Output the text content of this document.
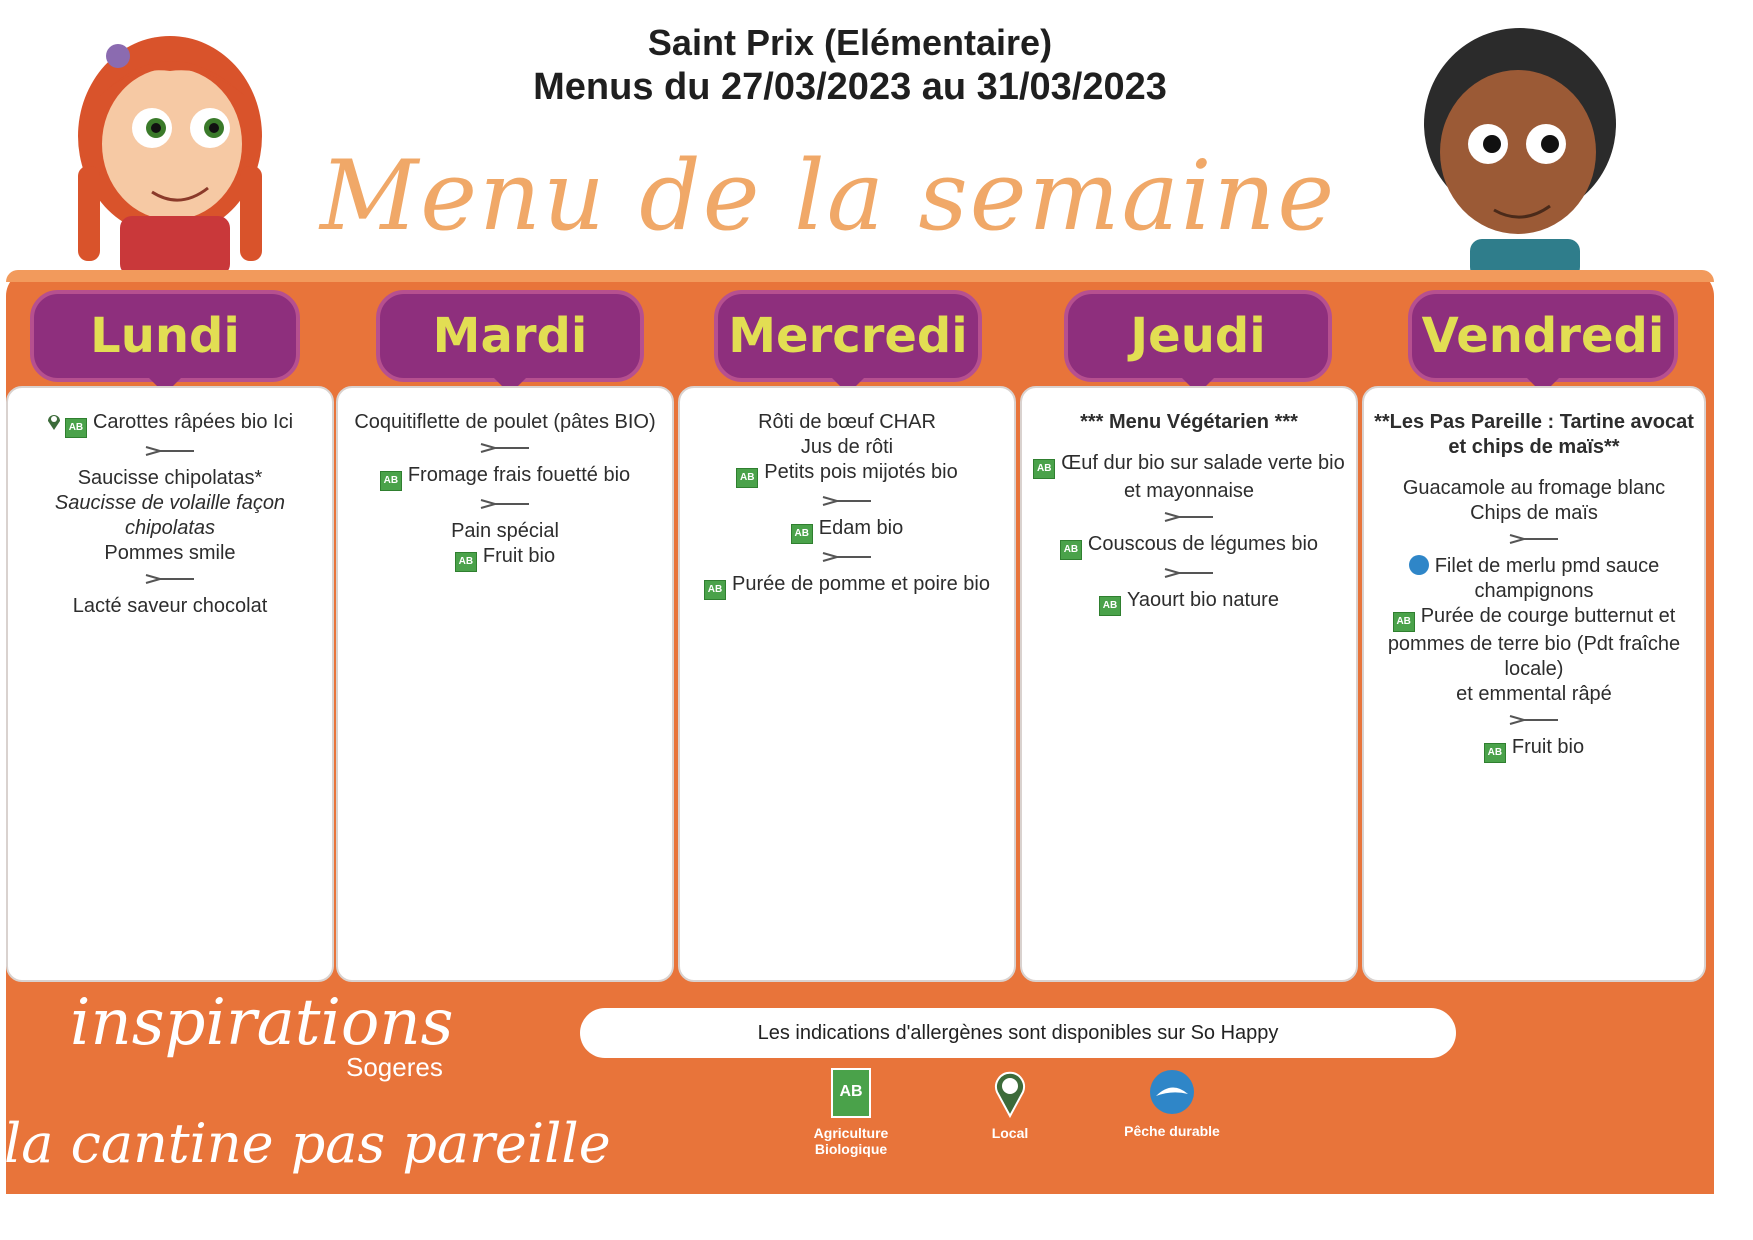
Saint Prix (Elémentaire)
Menus du 27/03/2023 au 31/03/2023
Menu de la semaine
Lundi	Mardi	Mercredi	Jeudi	Vendredi

AB Carottes râpées bio Ici

Saucisse chipolatas*

Saucisse de volaille façon chipolatas

Pommes smile

Lacté saveur chocolat

Coquitiflette de poulet (pâtes BIO)

AB Fromage frais fouetté bio

Pain spécial

AB Fruit bio

Rôti de bœuf CHAR

Jus de rôti

AB Petits pois mijotés bio

AB Edam bio

AB Purée de pomme et poire bio

*** Menu Végétarien ***

AB Œuf dur bio sur salade verte bio

et mayonnaise

AB Couscous de légumes bio

AB Yaourt bio nature

**Les Pas Pareille : Tartine avocat et chips de maïs**

Guacamole au fromage blanc

Chips de maïs

Filet de merlu pmd sauce champignons

AB Purée de courge butternut et pommes de terre bio (Pdt fraîche locale)

et emmental râpé

AB Fruit bio

inspirations
Sogeres
la cantine pas pareille
Les indications d'allergènes sont disponibles sur So Happy
AB
Agriculture Biologique
Local	Pêche durable
